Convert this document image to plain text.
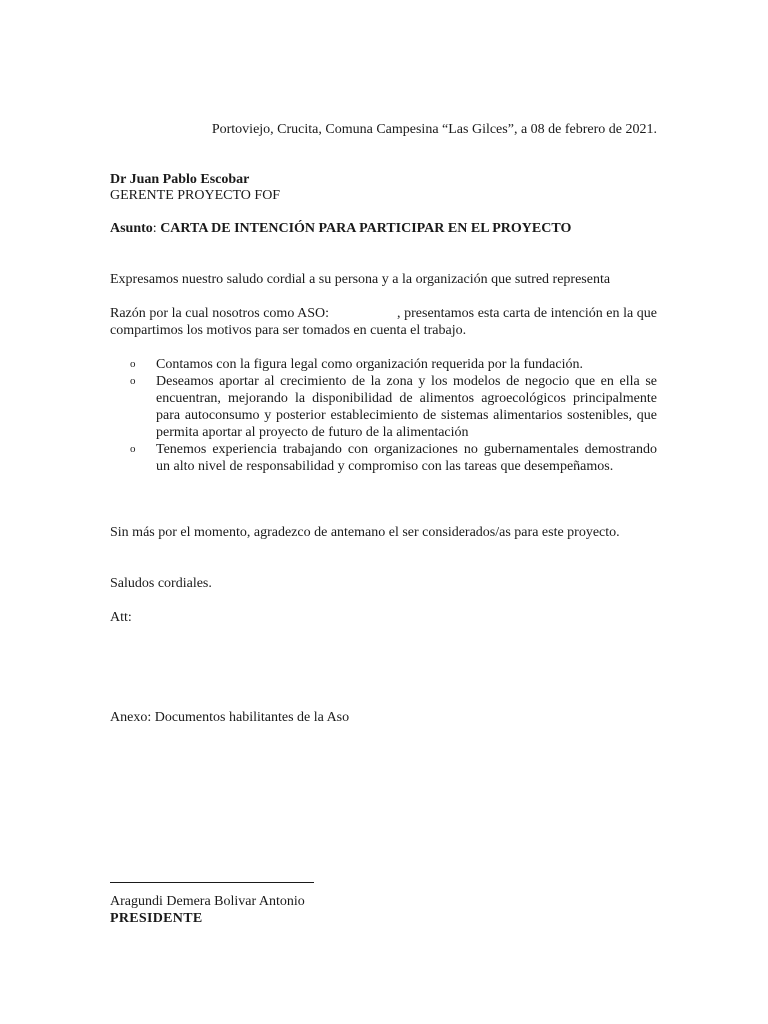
Portoviejo, Crucita, Comuna Campesina “Las Gilces”, a 08 de febrero de 2021.
Dr Juan Pablo Escobar
GERENTE PROYECTO FOF
Asunto: CARTA DE INTENCIÓN PARA PARTICIPAR EN EL PROYECTO
Expresamos nuestro saludo cordial a su persona y a la organización que sutred representa
Razón por la cual nosotros como ASO:	, presentamos esta carta de intención en la que compartimos los motivos para ser tomados en cuenta el trabajo.
o Contamos con la figura legal como organización requerida por la fundación.
o Deseamos aportar al crecimiento de la zona y los modelos de negocio que en ella se encuentran, mejorando la disponibilidad de alimentos agroecológicos principalmente para autoconsumo y posterior establecimiento de sistemas alimentarios sostenibles, que permita aportar al proyecto de futuro de la alimentación
o Tenemos experiencia trabajando con organizaciones no gubernamentales demostrando un alto nivel de responsabilidad y compromiso con las tareas que desempeñamos.
Sin más por el momento, agradezco de antemano el ser considerados/as para este proyecto.
Saludos cordiales.
Att:
Anexo: Documentos habilitantes de la Aso
Aragundi Demera Bolivar Antonio
PRESIDENTE
